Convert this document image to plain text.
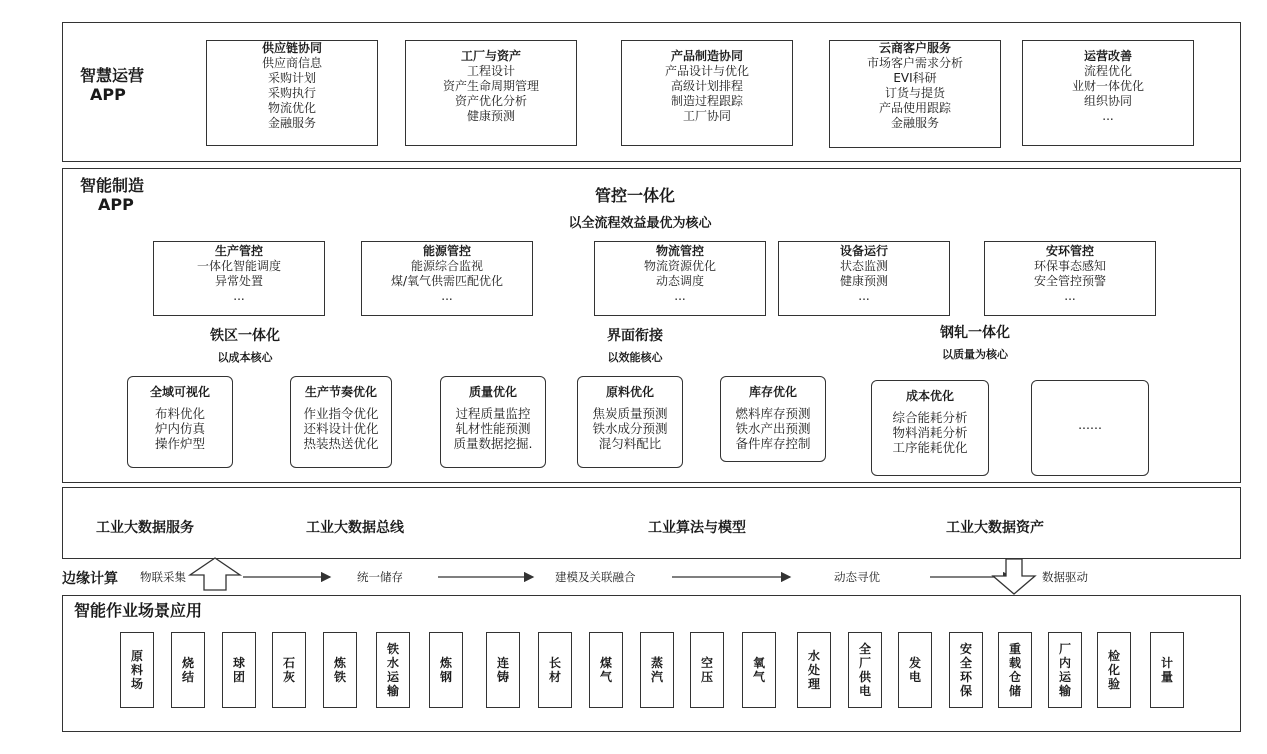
智慧运营
APP
供应链协同
供应商信息
采购计划
采购执行
物流优化
金融服务
工厂与资产
工程设计
资产生命周期管理
资产优化分析
健康预测
产品制造协同
产品设计与优化
高级计划排程
制造过程跟踪
工厂协同
云商客户服务
市场客户需求分析
EVI科研
订货与提货
产品使用跟踪
金融服务
运营改善
流程优化
业财一体优化
组织协同
...
智能制造
APP	管控一体化
以全流程效益最优为核心
生产管控
一体化智能调度
异常处置
...
能源管控
能源综合监视
煤/氧气供需匹配优化
...
物流管控
物流资源优化
动态调度
...
设备运行
状态监测
健康预测
...
安环管控
环保事态感知
安全管控预警
...
铁区一体化
以成本核心
界面衔接
以效能核心
钢轧一体化
以质量为核心
全域可视化
布料优化
炉内仿真
操作炉型
生产节奏优化
作业指令优化
还料设计优化
热装热送优化
质量优化
过程质量监控
轧材性能预测
质量数据挖掘.
原料优化
焦炭质量预测
铁水成分预测
混匀料配比
库存优化
燃料库存预测
铁水产出预测
备件库存控制
成本优化
综合能耗分析
物料消耗分析
工序能耗优化
......
工业大数据服务	工业大数据总线	工业算法与模型	工业大数据资产
边缘计算 物联采集	统一储存	建模及关联融合	动态寻优	数据驱动
智能作业场景应用
原料场
烧结
球团
石灰
炼铁
铁水运输
炼钢
连铸
长材
煤气
蒸汽
空压
氧气
水处理
全厂供电
发电
安全环保
重载仓储
厂内运输
检化验
计量
